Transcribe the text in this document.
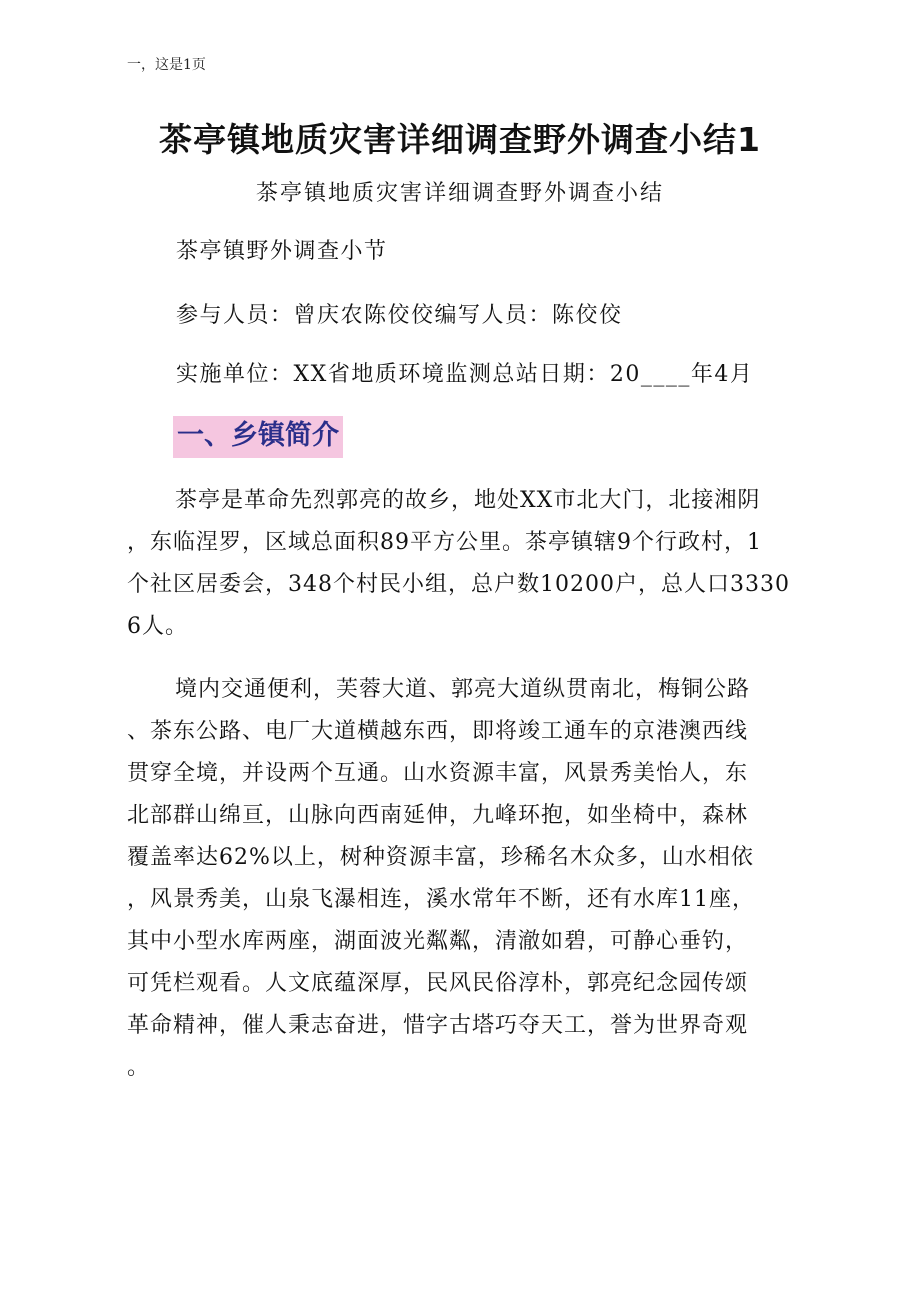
一，这是1页
茶亭镇地质灾害详细调查野外调查小结1
茶亭镇地质灾害详细调查野外调查小结
茶亭镇野外调查小节
参与人员：曾庆农陈佼佼编写人员：陈佼佼
实施单位：XX省地质环境监测总站日期：20____年4月
一、乡镇简介
茶亭是革命先烈郭亮的故乡，地处XX市北大门，北接湘阴
，东临涅罗，区域总面积89平方公里。茶亭镇辖9个行政村，1
个社区居委会，348个村民小组，总户数10200户，总人口3330
6人。
境内交通便利，芙蓉大道、郭亮大道纵贯南北，梅铜公路
、茶东公路、电厂大道横越东西，即将竣工通车的京港澳西线
贯穿全境，并设两个互通。山水资源丰富，风景秀美怡人，东
北部群山绵亘，山脉向西南延伸，九峰环抱，如坐椅中，森林
覆盖率达62%以上，树种资源丰富，珍稀名木众多，山水相依
，风景秀美，山泉飞瀑相连，溪水常年不断，还有水库11座，
其中小型水库两座，湖面波光粼粼，清澈如碧，可静心垂钓，
可凭栏观看。人文底蕴深厚，民风民俗淳朴，郭亮纪念园传颂
革命精神，催人秉志奋进，惜字古塔巧夺天工，誉为世界奇观
。
